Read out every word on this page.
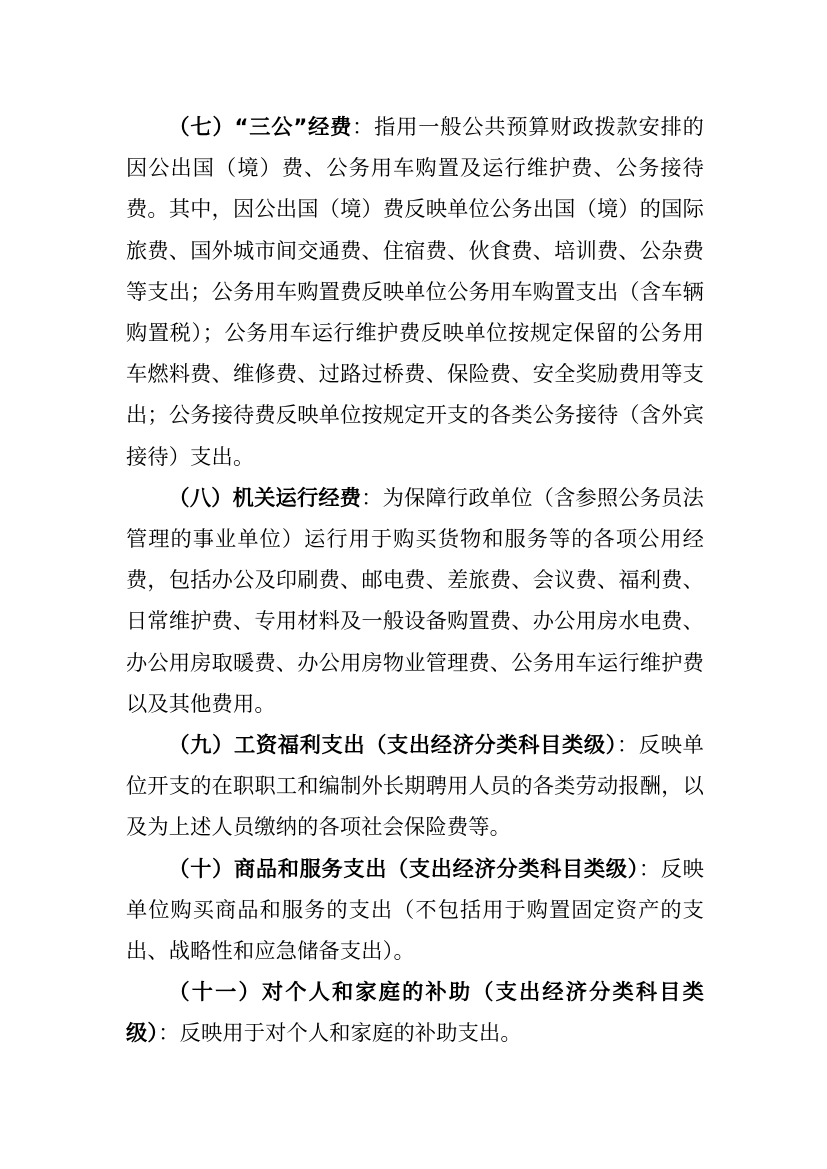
（七）“三公”经费：指用一般公共预算财政拨款安排的因公出国（境）费、公务用车购置及运行维护费、公务接待费。其中，因公出国（境）费反映单位公务出国（境）的国际旅费、国外城市间交通费、住宿费、伙食费、培训费、公杂费等支出；公务用车购置费反映单位公务用车购置支出（含车辆购置税）；公务用车运行维护费反映单位按规定保留的公务用车燃料费、维修费、过路过桥费、保险费、安全奖励费用等支出；公务接待费反映单位按规定开支的各类公务接待（含外宾接待）支出。

（八）机关运行经费：为保障行政单位（含参照公务员法管理的事业单位）运行用于购买货物和服务等的各项公用经费，包括办公及印刷费、邮电费、差旅费、会议费、福利费、日常维护费、专用材料及一般设备购置费、办公用房水电费、办公用房取暖费、办公用房物业管理费、公务用车运行维护费以及其他费用。

（九）工资福利支出（支出经济分类科目类级）：反映单位开支的在职职工和编制外长期聘用人员的各类劳动报酬，以及为上述人员缴纳的各项社会保险费等。

（十）商品和服务支出（支出经济分类科目类级）：反映单位购买商品和服务的支出（不包括用于购置固定资产的支出、战略性和应急储备支出）。

（十一）对个人和家庭的补助（支出经济分类科目类级）：反映用于对个人和家庭的补助支出。
